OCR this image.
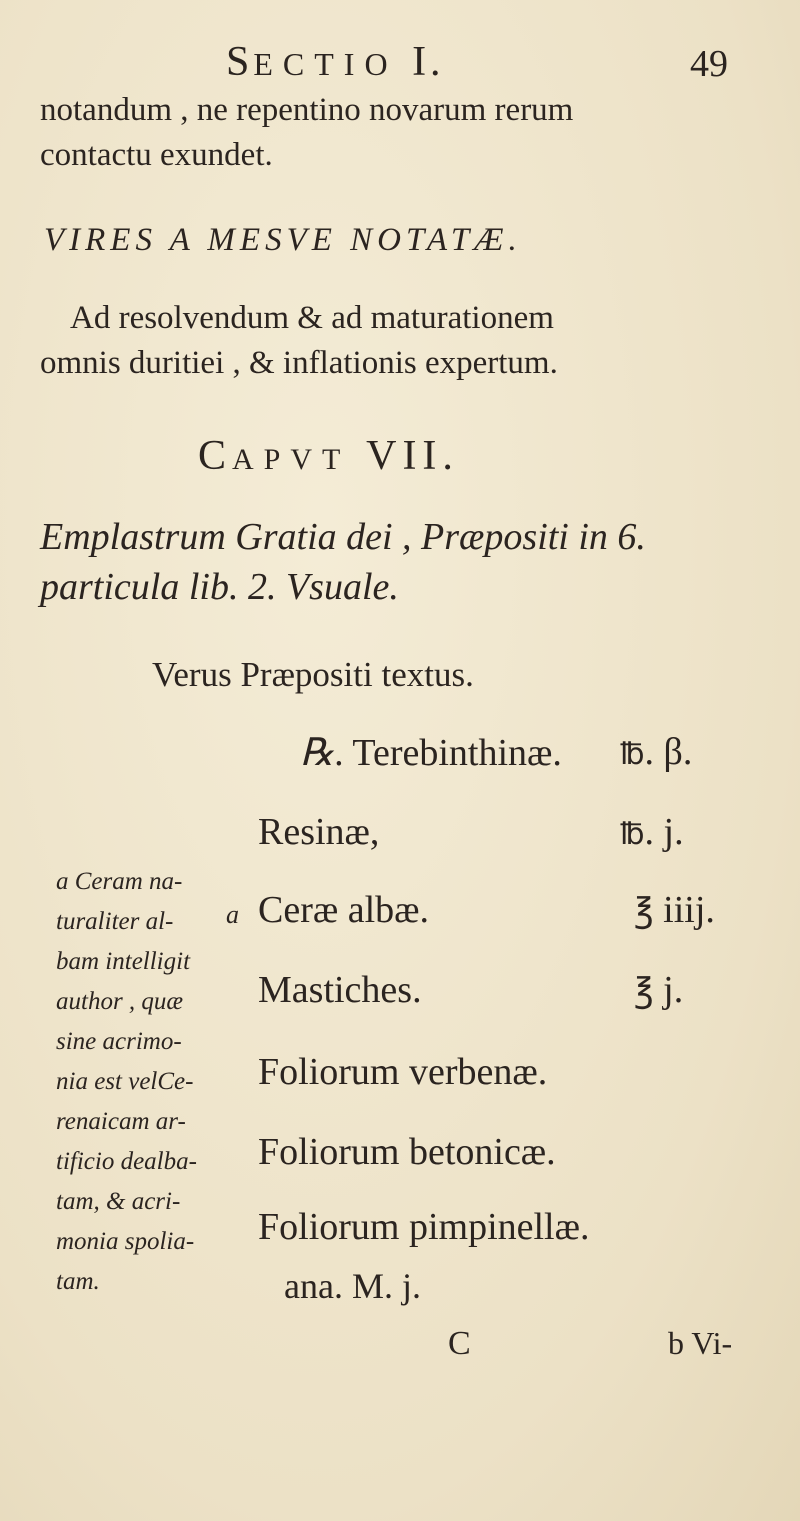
SECTIO I.	49
notandum , ne repentino novarum rerum
contactu exundet.
VIRES A MESVE NOTATÆ.
Ad resolvendum & ad maturationem
omnis duritiei , & inflationis expertum.
CAPVT VII.
Emplastrum Gratia dei , Præpositi in 6.
particula lib. 2. Vsuale.
Verus Præpositi textus.
℞. Terebinthinæ. ℔. β.
Resinæ,	℔. j.
a Ceræ albæ.	℥ iiij.
Mastiches.	℥ j.
Foliorum verbenæ.
Foliorum betonicæ.
Foliorum pimpinellæ.
ana. M. j.
C	b Vi-
a Ceram na-
turaliter al-
bam intelligit
author , quæ
sine acrimo-
nia est velCe-
renaicam ar-
tificio dealba-
tam, & acri-
monia spolia-
tam.
